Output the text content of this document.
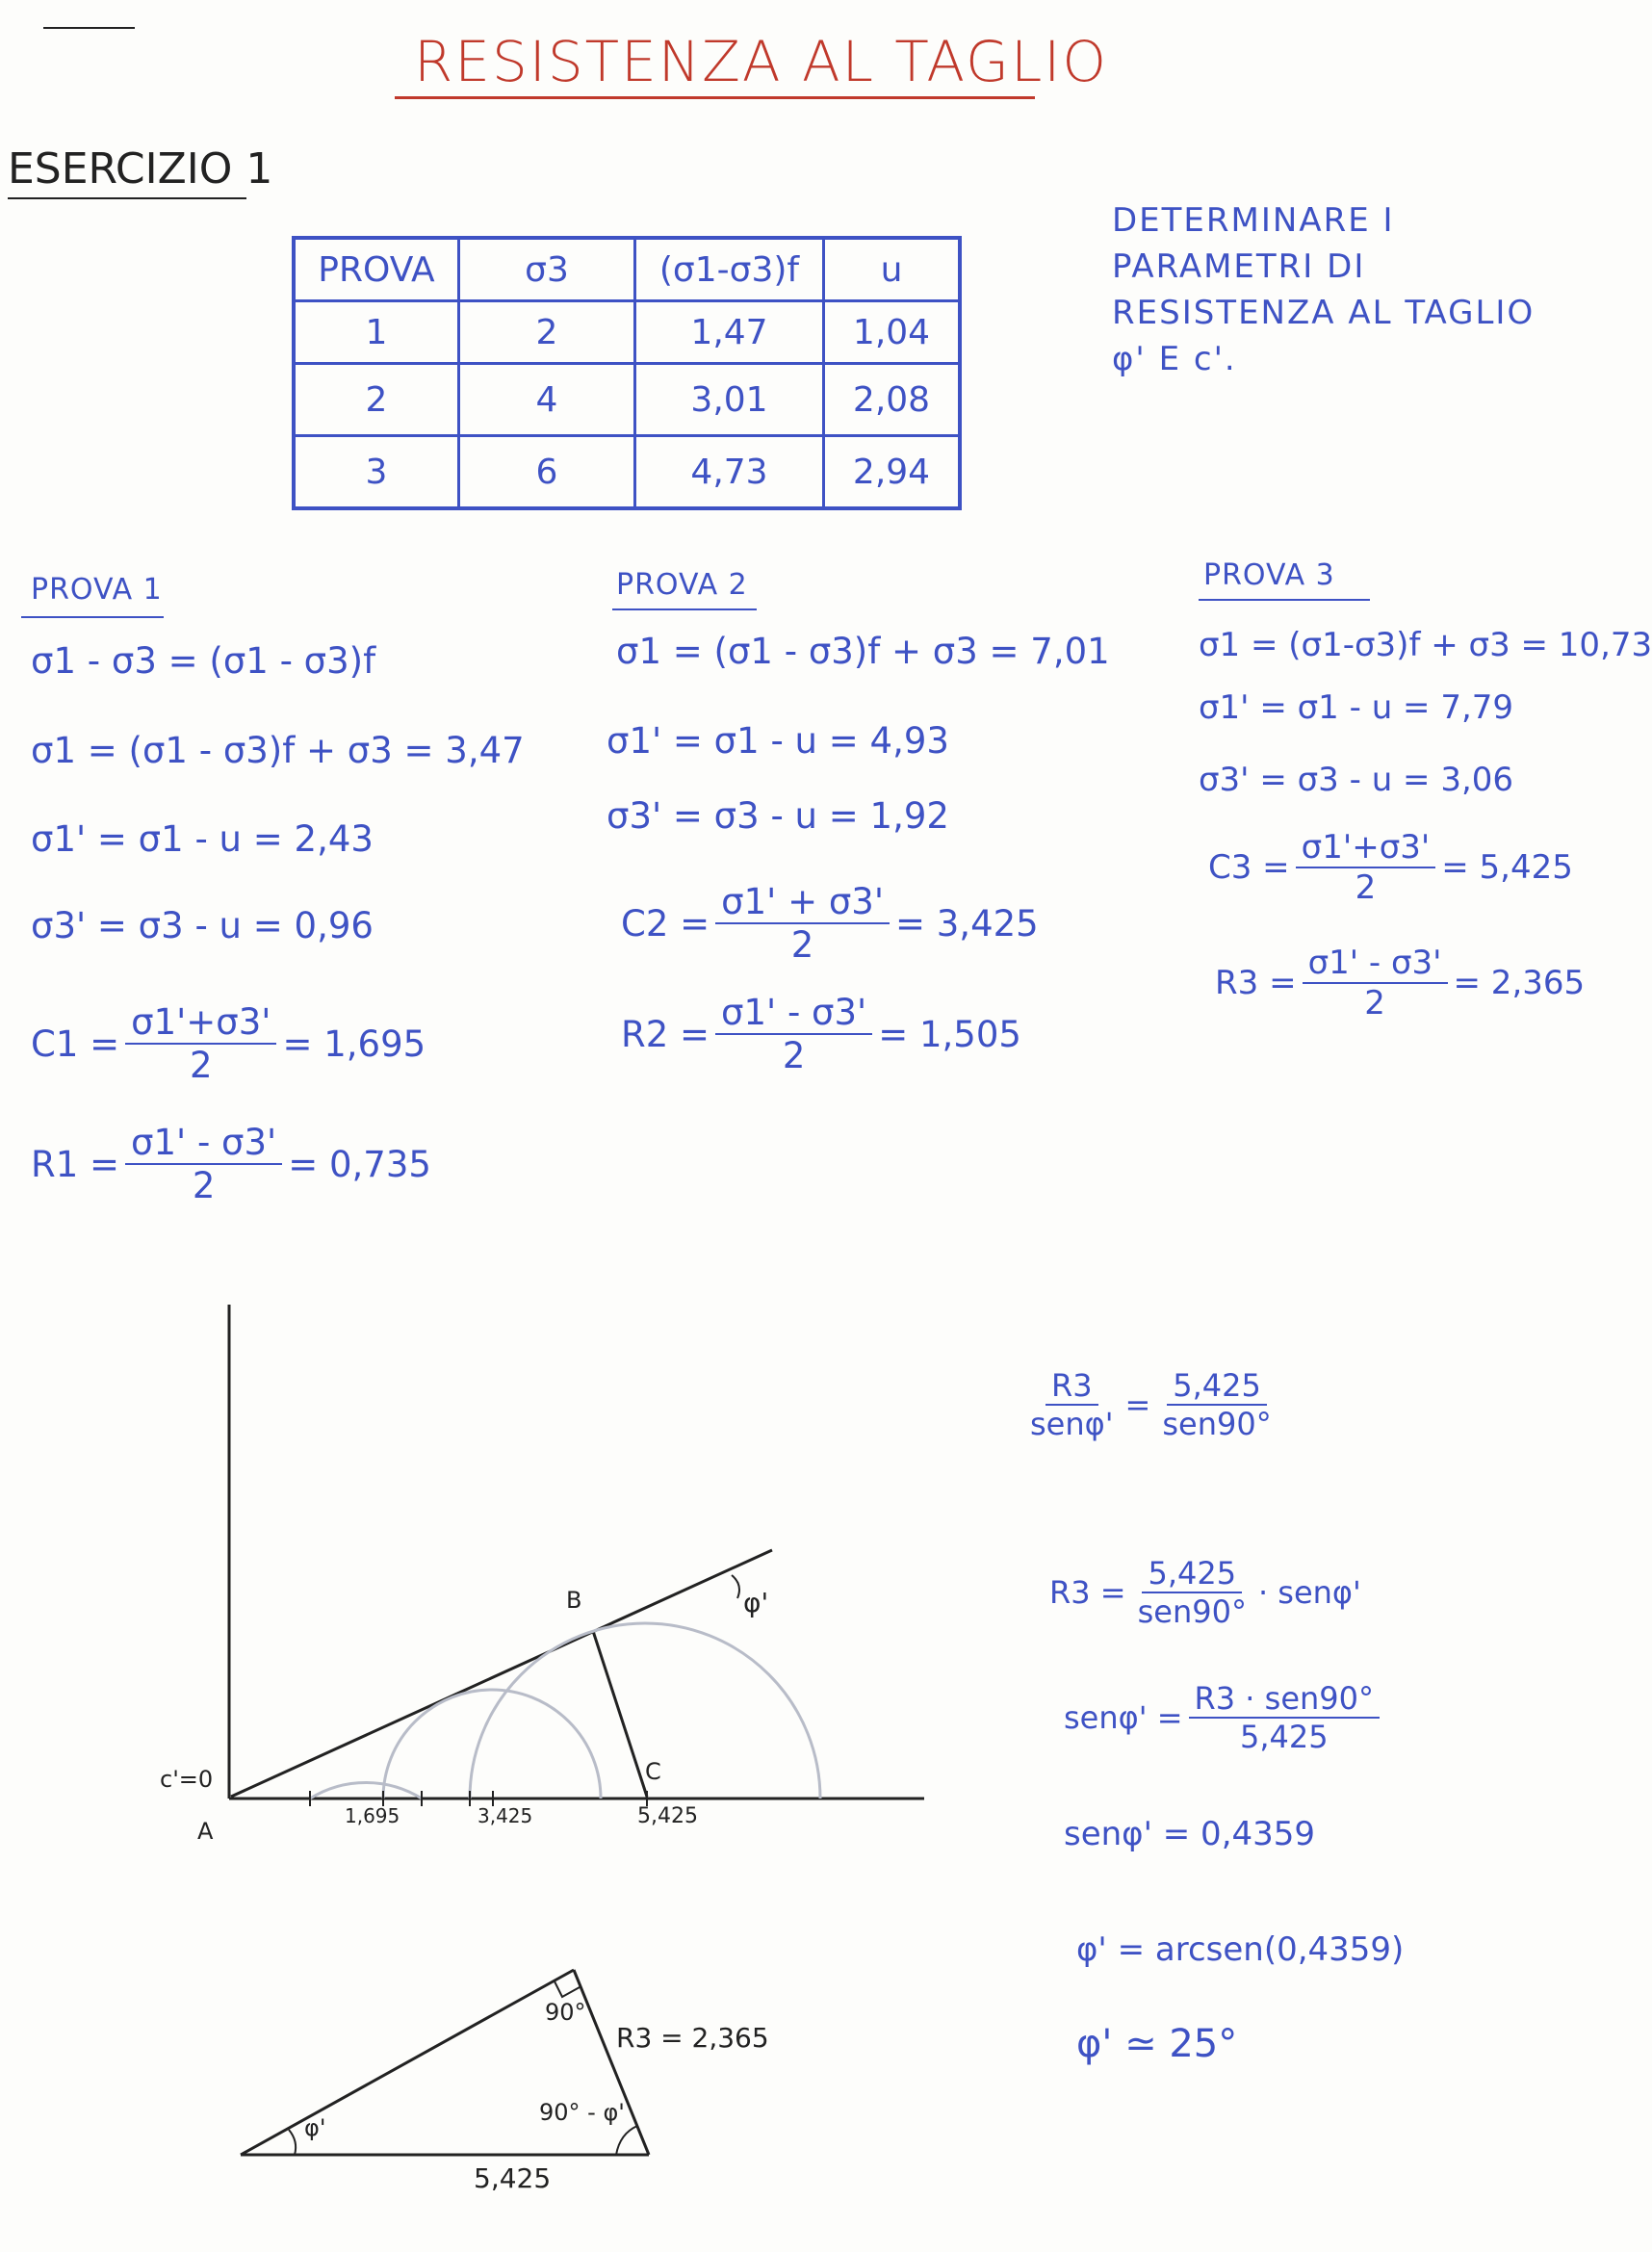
RESISTENZA AL TAGLIO
ESERCIZIO 1
PROVA	σ3	(σ1-σ3)f	u
1	2	1,47	1,04
2	4	3,01	2,08
3	6	4,73	2,94
DETERMINARE I
PARAMETRI DI
RESISTENZA AL TAGLIO
φ' E c'.
PROVA 1
σ1 - σ3 = (σ1 - σ3)f
σ1 = (σ1 - σ3)f + σ3 = 3,47
σ1' = σ1 - u = 2,43
σ3' = σ3 - u = 0,96
$C1 = \frac{\sigma 1'+\sigma 3'}{2} = 1,695$
$R1 = \frac{\sigma 1' - \sigma 3'}{2} = 0,735$
PROVA 2
σ1 = (σ1 - σ3)f + σ3 = 7,01
σ1' = σ1 - u = 4,93
σ3' = σ3 - u = 1,92
$C2 = \frac{\sigma 1' + \sigma 3'}{2} = 3,425$
$R2 = \frac{\sigma 1' - \sigma 3'}{2} = 1,505$
PROVA 3
σ1 = (σ1-σ3)f + σ3 = 10,73
σ1' = σ1 - u = 7,79
σ3' = σ3 - u = 3,06
$C3 = \frac{\sigma 1'+\sigma 3'}{2} = 5,425$
$R3 = \frac{\sigma 1' - \sigma 3'}{2} = 2,365$
c'=0
A
B
C
φ'
1,695	3,425	5,425
90°
90° - φ'
φ'
R3 = 2,365
5,425
$\frac{R3}{\text{senφ'}} = \frac{5,425}{\text{sen90°}}$
$R3 = \frac{5,425}{\text{sen90°}} \cdot sen\varphi'$
$sen\varphi' = \frac{\text{R3 · sen90°}}{5,425}$
senφ' = 0,4359
φ' = arcsen(0,4359)
φ' ≃ 25°
